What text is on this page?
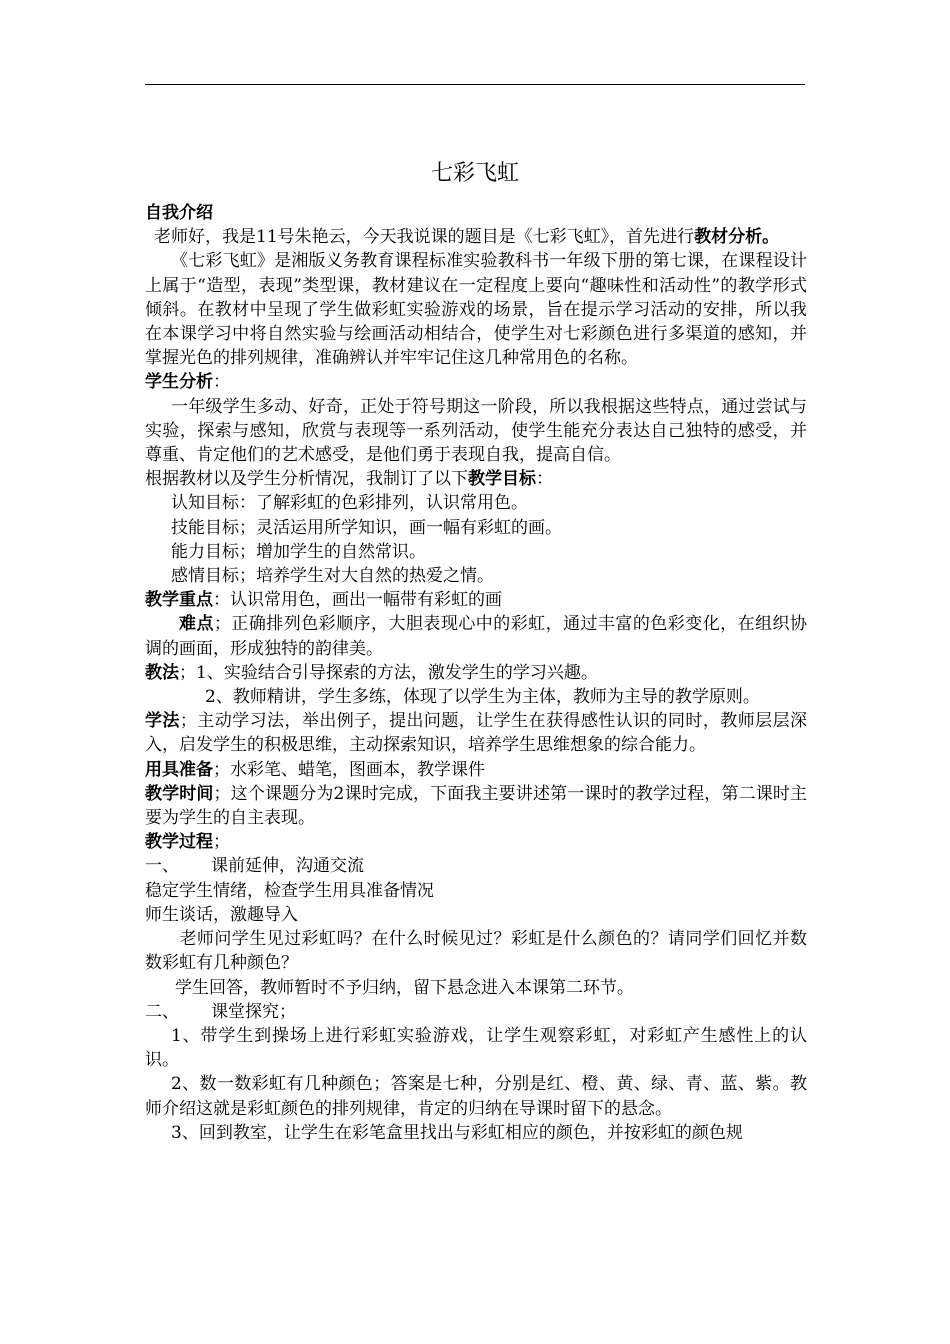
七彩飞虹

自我介绍

老师好，我是11号朱艳云，今天我说课的题目是《七彩飞虹》，首先进行教材分析。

《七彩飞虹》是湘版义务教育课程标准实验教科书一年级下册的第七课，在课程设计上属于“造型，表现”类型课，教材建议在一定程度上要向“趣味性和活动性”的教学形式倾斜。在教材中呈现了学生做彩虹实验游戏的场景，旨在提示学习活动的安排，所以我在本课学习中将自然实验与绘画活动相结合，使学生对七彩颜色进行多渠道的感知，并掌握光色的排列规律，准确辨认并牢牢记住这几种常用色的名称。

学生分析：

一年级学生多动、好奇，正处于符号期这一阶段，所以我根据这些特点，通过尝试与实验，探索与感知，欣赏与表现等一系列活动，使学生能充分表达自己独特的感受，并尊重、肯定他们的艺术感受，是他们勇于表现自我，提高自信。

根据教材以及学生分析情况，我制订了以下教学目标：

认知目标：了解彩虹的色彩排列，认识常用色。

技能目标；灵活运用所学知识，画一幅有彩虹的画。

能力目标；增加学生的自然常识。

感情目标；培养学生对大自然的热爱之情。

教学重点：认识常用色，画出一幅带有彩虹的画

难点；正确排列色彩顺序，大胆表现心中的彩虹，通过丰富的色彩变化，在组织协调的画面，形成独特的韵律美。

教法；1、实验结合引导探索的方法，激发学生的学习兴趣。

2、教师精讲，学生多练，体现了以学生为主体，教师为主导的教学原则。

学法；主动学习法，举出例子，提出问题，让学生在获得感性认识的同时，教师层层深入，启发学生的积极思维，主动探索知识，培养学生思维想象的综合能力。

用具准备；水彩笔、蜡笔，图画本，教学课件

教学时间；这个课题分为2课时完成，下面我主要讲述第一课时的教学过程，第二课时主要为学生的自主表现。

教学过程；

一、 课前延伸，沟通交流

稳定学生情绪，检查学生用具准备情况

师生谈话，激趣导入

老师问学生见过彩虹吗？在什么时候见过？彩虹是什么颜色的？请同学们回忆并数数彩虹有几种颜色？

学生回答，教师暂时不予归纳，留下悬念进入本课第二环节。

二、 课堂探究；

1、带学生到操场上进行彩虹实验游戏，让学生观察彩虹，对彩虹产生感性上的认识。

2、数一数彩虹有几种颜色；答案是七种，分别是红、橙、黄、绿、青、蓝、紫。教师介绍这就是彩虹颜色的排列规律，肯定的归纳在导课时留下的悬念。

3、回到教室，让学生在彩笔盒里找出与彩虹相应的颜色，并按彩虹的颜色规
